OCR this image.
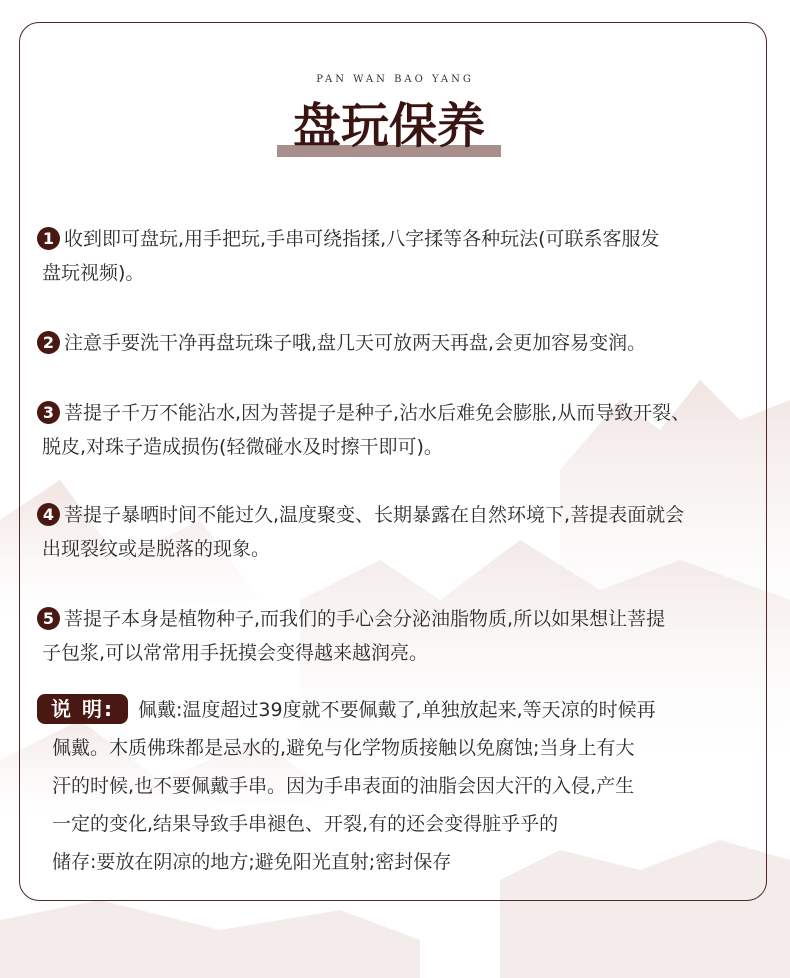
PAN WAN BAO YANG
盘玩保养
1 收到即可盘玩,用手把玩,手串可绕指揉,八字揉等各种玩法(可联系客服发
盘玩视频)。
2 注意手要洗干净再盘玩珠子哦,盘几天可放两天再盘,会更加容易变润。
3 菩提子千万不能沾水,因为菩提子是种子,沾水后难免会膨胀,从而导致开裂、
脱皮,对珠子造成损伤(轻微碰水及时擦干即可)。
4 菩提子暴晒时间不能过久,温度聚变、长期暴露在自然环境下,菩提表面就会
出现裂纹或是脱落的现象。
5 菩提子本身是植物种子,而我们的手心会分泌油脂物质,所以如果想让菩提
子包浆,可以常常用手抚摸会变得越来越润亮。
说 明: 佩戴:温度超过39度就不要佩戴了,单独放起来,等天凉的时候再
佩戴。木质佛珠都是忌水的,避免与化学物质接触以免腐蚀;当身上有大
汗的时候,也不要佩戴手串。因为手串表面的油脂会因大汗的入侵,产生
一定的变化,结果导致手串褪色、开裂,有的还会变得脏乎乎的
储存:要放在阴凉的地方;避免阳光直射;密封保存
